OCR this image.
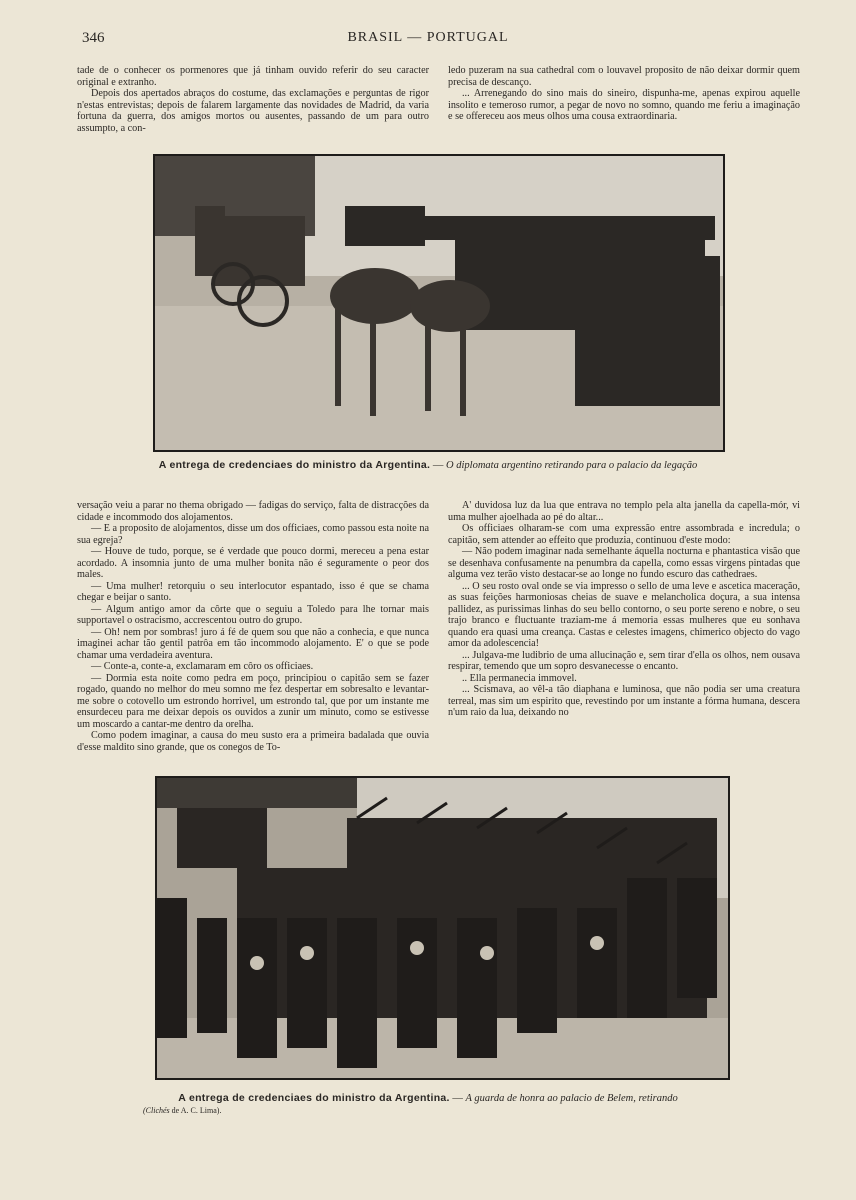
346	BRASIL — PORTUGAL

tade de o conhecer os pormenores que já tinham ouvido referir do seu caracter original e extranho.

Depois dos apertados abraços do costume, das exclamações e perguntas de rigor n'estas entrevistas; depois de falarem largamente das novidades de Madrid, da varia fortuna da guerra, dos amigos mortos ou ausentes, passando de um para outro assumpto, a con-

ledo puzeram na sua cathedral com o louvavel proposito de não deixar dormir quem precisa de descanço.

... Arrenegando do sino mais do sineiro, dispunha-me, apenas expirou aquelle insolito e temeroso rumor, a pegar de novo no somno, quando me feriu a imaginação e se offereceu aos meus olhos uma cousa extraordinaria.

A entrega de credenciaes do ministro da Argentina. — O diplomata argentino retirando para o palacio da legação

versação veiu a parar no thema obrigado — fadigas do serviço, falta de distracções da cidade e incommodo dos alojamentos.

— E a proposito de alojamentos, disse um dos officiaes, como passou esta noite na sua egreja?

— Houve de tudo, porque, se é verdade que pouco dormi, mereceu a pena estar acordado. A insomnia junto de uma mulher bonita não é seguramente o peor dos males.

— Uma mulher! retorquiu o seu interlocutor espantado, isso é que se chama chegar e beijar o santo.

— Algum antigo amor da côrte que o seguiu a Toledo para lhe tornar mais supportavel o ostracismo, accrescentou outro do grupo.

— Oh! nem por sombras! juro á fé de quem sou que não a conhecia, e que nunca imaginei achar tão gentil patrôa em tão incommodo alojamento. E' o que se pode chamar uma verdadeira aventura.

— Conte-a, conte-a, exclamaram em côro os officiaes.

— Dormia esta noite como pedra em poço, principiou o capitão sem se fazer rogado, quando no melhor do meu somno me fez despertar em sobresalto e levantar-me sobre o cotovello um estrondo horrivel, um estrondo tal, que por um instante me ensurdeceu para me deixar depois os ouvidos a zunir um minuto, como se estivesse um moscardo a cantar-me dentro da orelha.

Como podem imaginar, a causa do meu susto era a primeira badalada que ouvia d'esse maldito sino grande, que os conegos de To-

A' duvidosa luz da lua que entrava no templo pela alta janella da capella-mór, vi uma mulher ajoelhada ao pé do altar...

Os officiaes olharam-se com uma expressão entre assombrada e incredula; o capitão, sem attender ao effeito que produzia, continuou d'este modo:

— Não podem imaginar nada semelhante áquella nocturna e phantastica visão que se desenhava confusamente na penumbra da capella, como essas virgens pintadas que alguma vez terão visto destacar-se ao longe no fundo escuro das cathedraes.

... O seu rosto oval onde se via impresso o sello de uma leve e ascetica maceração, as suas feições harmoniosas cheias de suave e melancholica doçura, a sua intensa pallidez, as purissimas linhas do seu bello contorno, o seu porte sereno e nobre, o seu trajo branco e fluctuante traziam-me á memoria essas mulheres que eu sonhava quando era quasi uma creança. Castas e celestes imagens, chimerico objecto do vago amor da adolescencia!

... Julgava-me ludibrio de uma allucinação e, sem tirar d'ella os olhos, nem ousava respirar, temendo que um sopro desvanecesse o encanto.

.. Ella permanecia immovel.

... Scismava, ao vêl-a tão diaphana e luminosa, que não podia ser uma creatura terreal, mas sim um espirito que, revestindo por um instante a fórma humana, descera n'um raio da lua, deixando no

A entrega de credenciaes do ministro da Argentina. — A guarda de honra ao palacio de Belem, retirando
(Clichés de A. C. Lima).
